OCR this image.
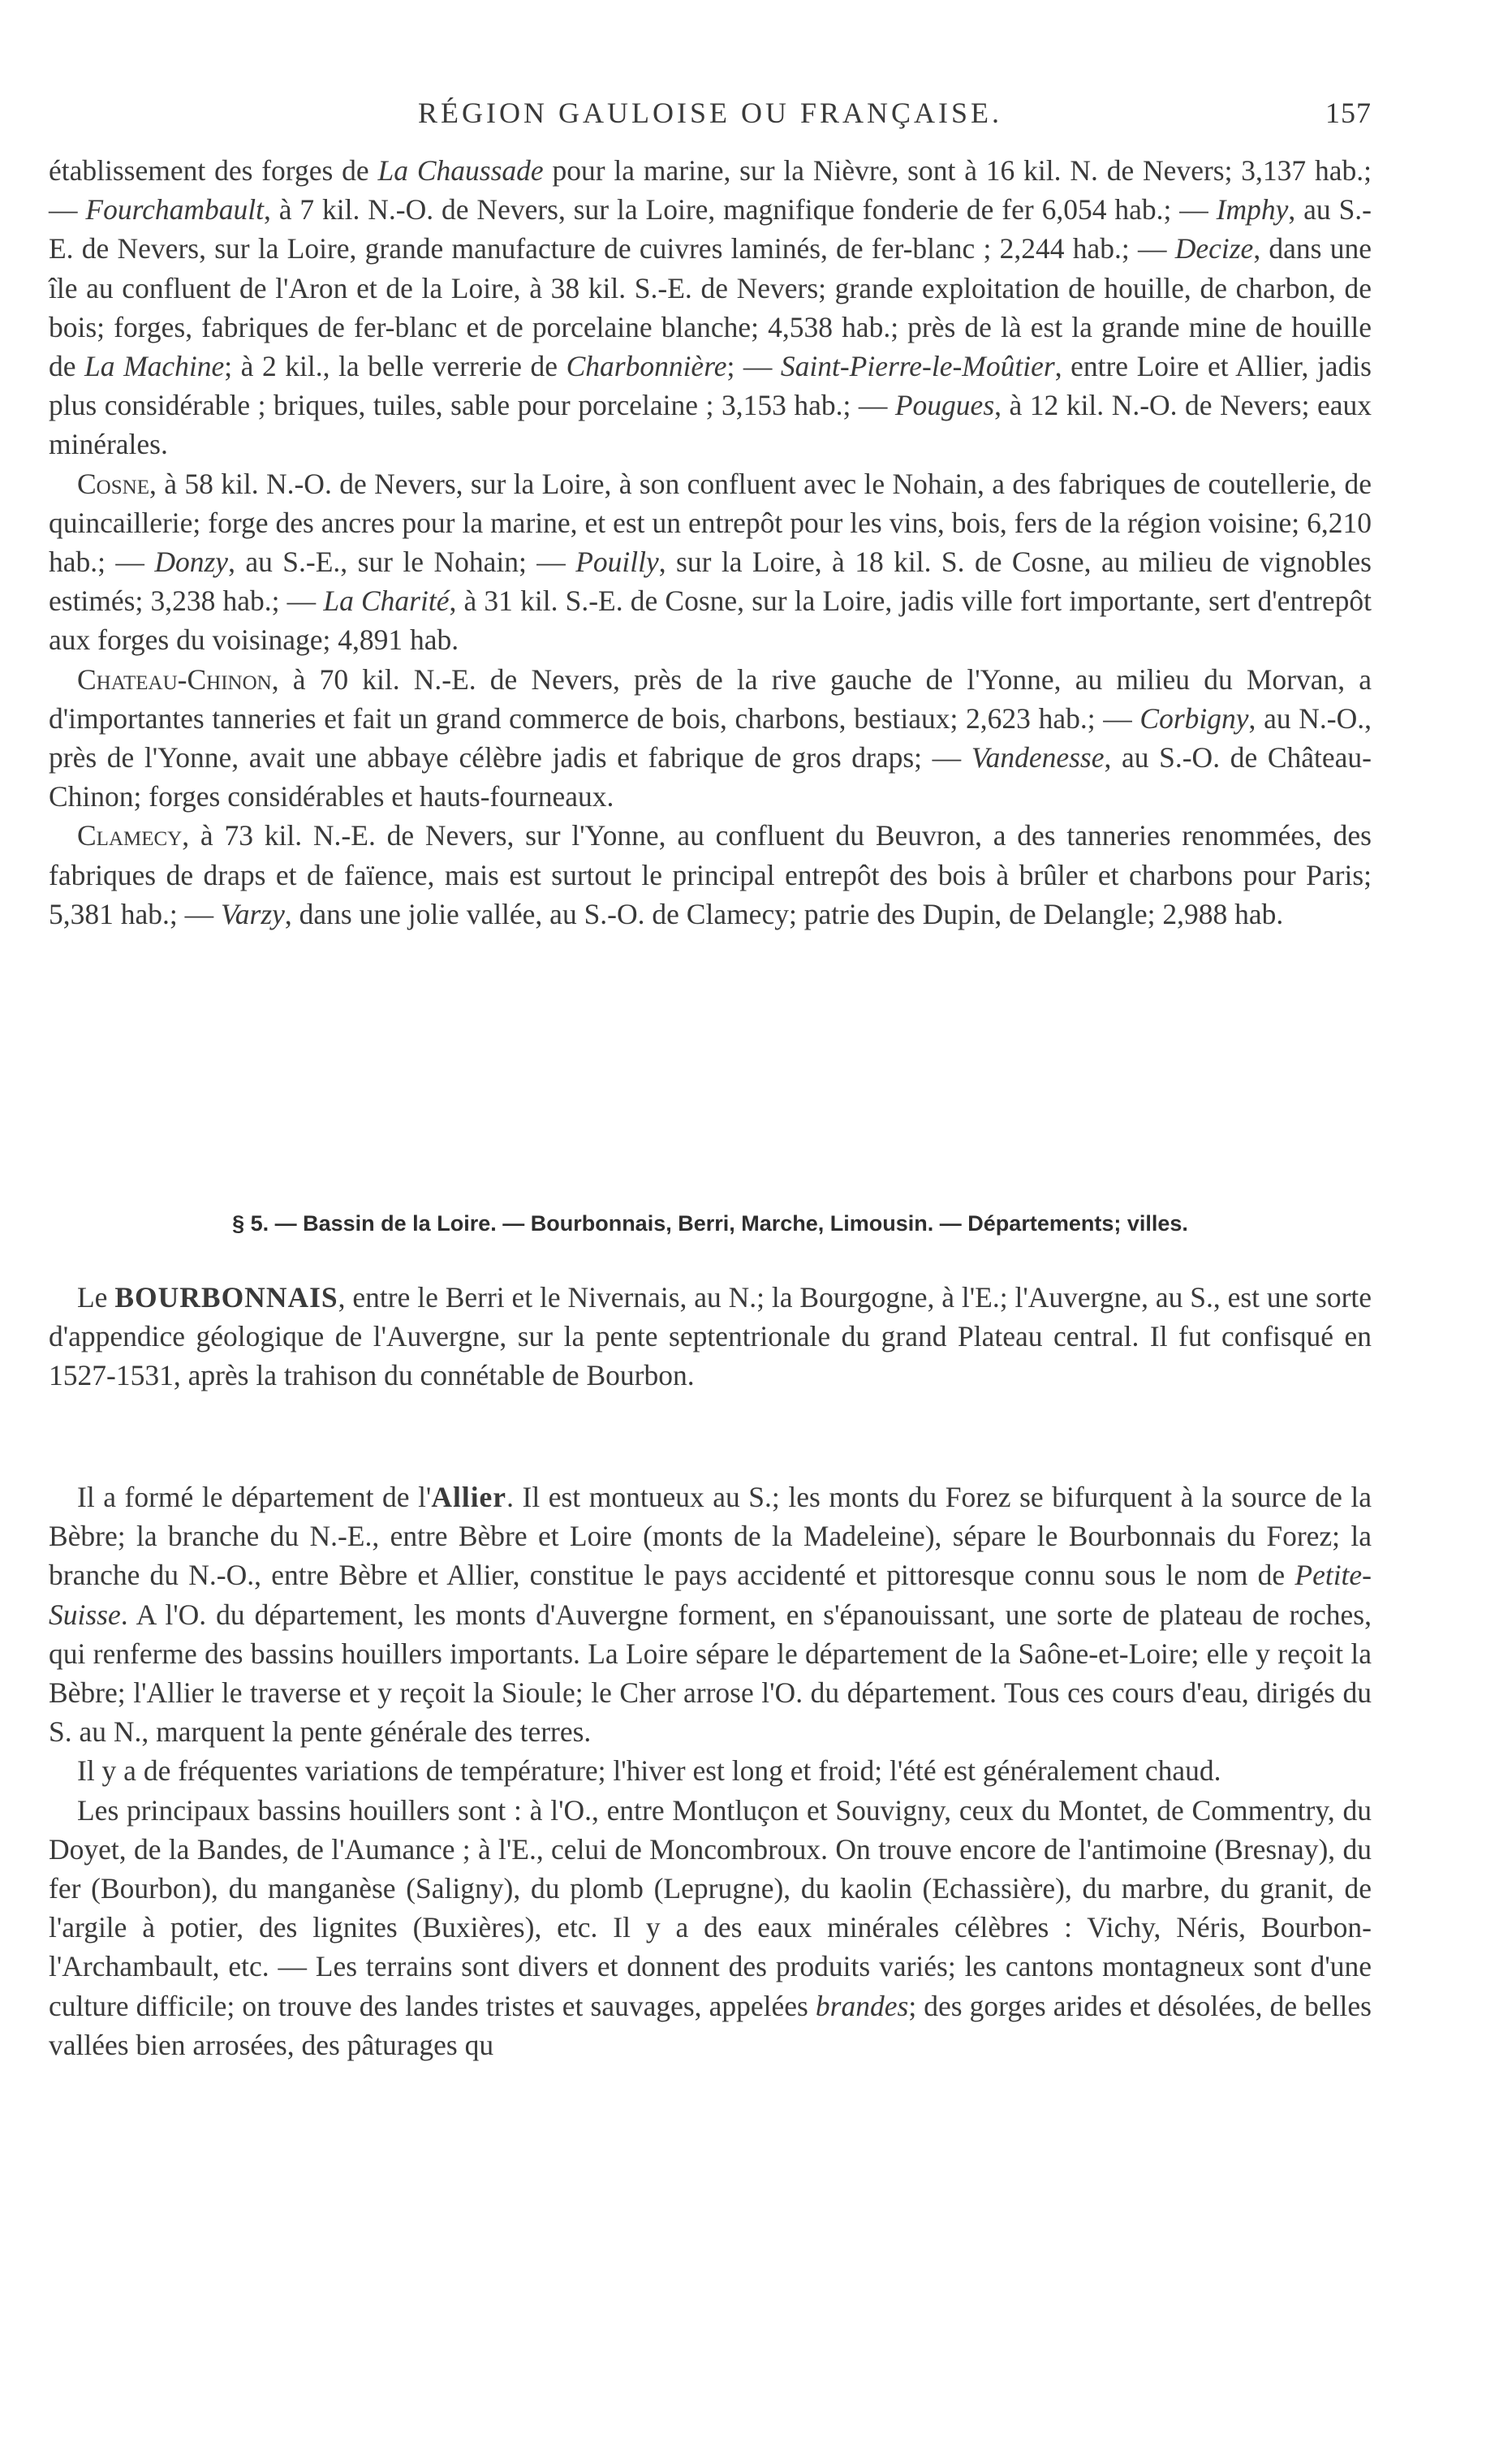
RÉGION GAULOISE OU FRANÇAISE.	157

établissement des forges de La Chaussade pour la marine, sur la Nièvre, sont à 16 kil. N. de Nevers; 3,137 hab.; — Fourchambault, à 7 kil. N.-O. de Nevers, sur la Loire, magnifique fonderie de fer 6,054 hab.; — Imphy, au S.-E. de Nevers, sur la Loire, grande manufacture de cuivres laminés, de fer-blanc ; 2,244 hab.; — Decize, dans une île au confluent de l'Aron et de la Loire, à 38 kil. S.-E. de Nevers; grande exploitation de houille, de charbon, de bois; forges, fabriques de fer-blanc et de porcelaine blanche; 4,538 hab.; près de là est la grande mine de houille de La Machine; à 2 kil., la belle verrerie de Charbonnière; — Saint-Pierre-le-Moûtier, entre Loire et Allier, jadis plus considérable ; briques, tuiles, sable pour porcelaine ; 3,153 hab.; — Pougues, à 12 kil. N.-O. de Nevers; eaux minérales.

Cosne, à 58 kil. N.-O. de Nevers, sur la Loire, à son confluent avec le Nohain, a des fabriques de coutellerie, de quincaillerie; forge des ancres pour la marine, et est un entrepôt pour les vins, bois, fers de la région voisine; 6,210 hab.; — Donzy, au S.-E., sur le Nohain; — Pouilly, sur la Loire, à 18 kil. S. de Cosne, au milieu de vignobles estimés; 3,238 hab.; — La Charité, à 31 kil. S.-E. de Cosne, sur la Loire, jadis ville fort importante, sert d'entrepôt aux forges du voisinage; 4,891 hab.

Chateau-Chinon, à 70 kil. N.-E. de Nevers, près de la rive gauche de l'Yonne, au milieu du Morvan, a d'importantes tanneries et fait un grand commerce de bois, charbons, bestiaux; 2,623 hab.; — Corbigny, au N.-O., près de l'Yonne, avait une abbaye célèbre jadis et fabrique de gros draps; — Vandenesse, au S.-O. de Château-Chinon; forges considérables et hauts-fourneaux.

Clamecy, à 73 kil. N.-E. de Nevers, sur l'Yonne, au confluent du Beuvron, a des tanneries renommées, des fabriques de draps et de faïence, mais est surtout le principal entrepôt des bois à brûler et charbons pour Paris; 5,381 hab.; — Varzy, dans une jolie vallée, au S.-O. de Clamecy; patrie des Dupin, de Delangle; 2,988 hab.

§ 5. — Bassin de la Loire. — Bourbonnais, Berri, Marche, Limousin. — Départements; villes.

Le BOURBONNAIS, entre le Berri et le Nivernais, au N.; la Bourgogne, à l'E.; l'Auvergne, au S., est une sorte d'appendice géologique de l'Auvergne, sur la pente septentrionale du grand Plateau central. Il fut confisqué en 1527-1531, après la trahison du connétable de Bourbon.

Il a formé le département de l'Allier. Il est montueux au S.; les monts du Forez se bifurquent à la source de la Bèbre; la branche du N.-E., entre Bèbre et Loire (monts de la Madeleine), sépare le Bourbonnais du Forez; la branche du N.-O., entre Bèbre et Allier, constitue le pays accidenté et pittoresque connu sous le nom de Petite-Suisse. A l'O. du département, les monts d'Auvergne forment, en s'épanouissant, une sorte de plateau de roches, qui renferme des bassins houillers importants. La Loire sépare le département de la Saône-et-Loire; elle y reçoit la Bèbre; l'Allier le traverse et y reçoit la Sioule; le Cher arrose l'O. du département. Tous ces cours d'eau, dirigés du S. au N., marquent la pente générale des terres.

Il y a de fréquentes variations de température; l'hiver est long et froid; l'été est généralement chaud.

Les principaux bassins houillers sont : à l'O., entre Montluçon et Souvigny, ceux du Montet, de Commentry, du Doyet, de la Bandes, de l'Aumance ; à l'E., celui de Moncombroux. On trouve encore de l'antimoine (Bresnay), du fer (Bourbon), du manganèse (Saligny), du plomb (Leprugne), du kaolin (Echassière), du marbre, du granit, de l'argile à potier, des lignites (Buxières), etc. Il y a des eaux minérales célèbres : Vichy, Néris, Bourbon-l'Archambault, etc. — Les terrains sont divers et donnent des produits variés; les cantons montagneux sont d'une culture difficile; on trouve des landes tristes et sauvages, appelées brandes; des gorges arides et désolées, de belles vallées bien arrosées, des pâturages qu
